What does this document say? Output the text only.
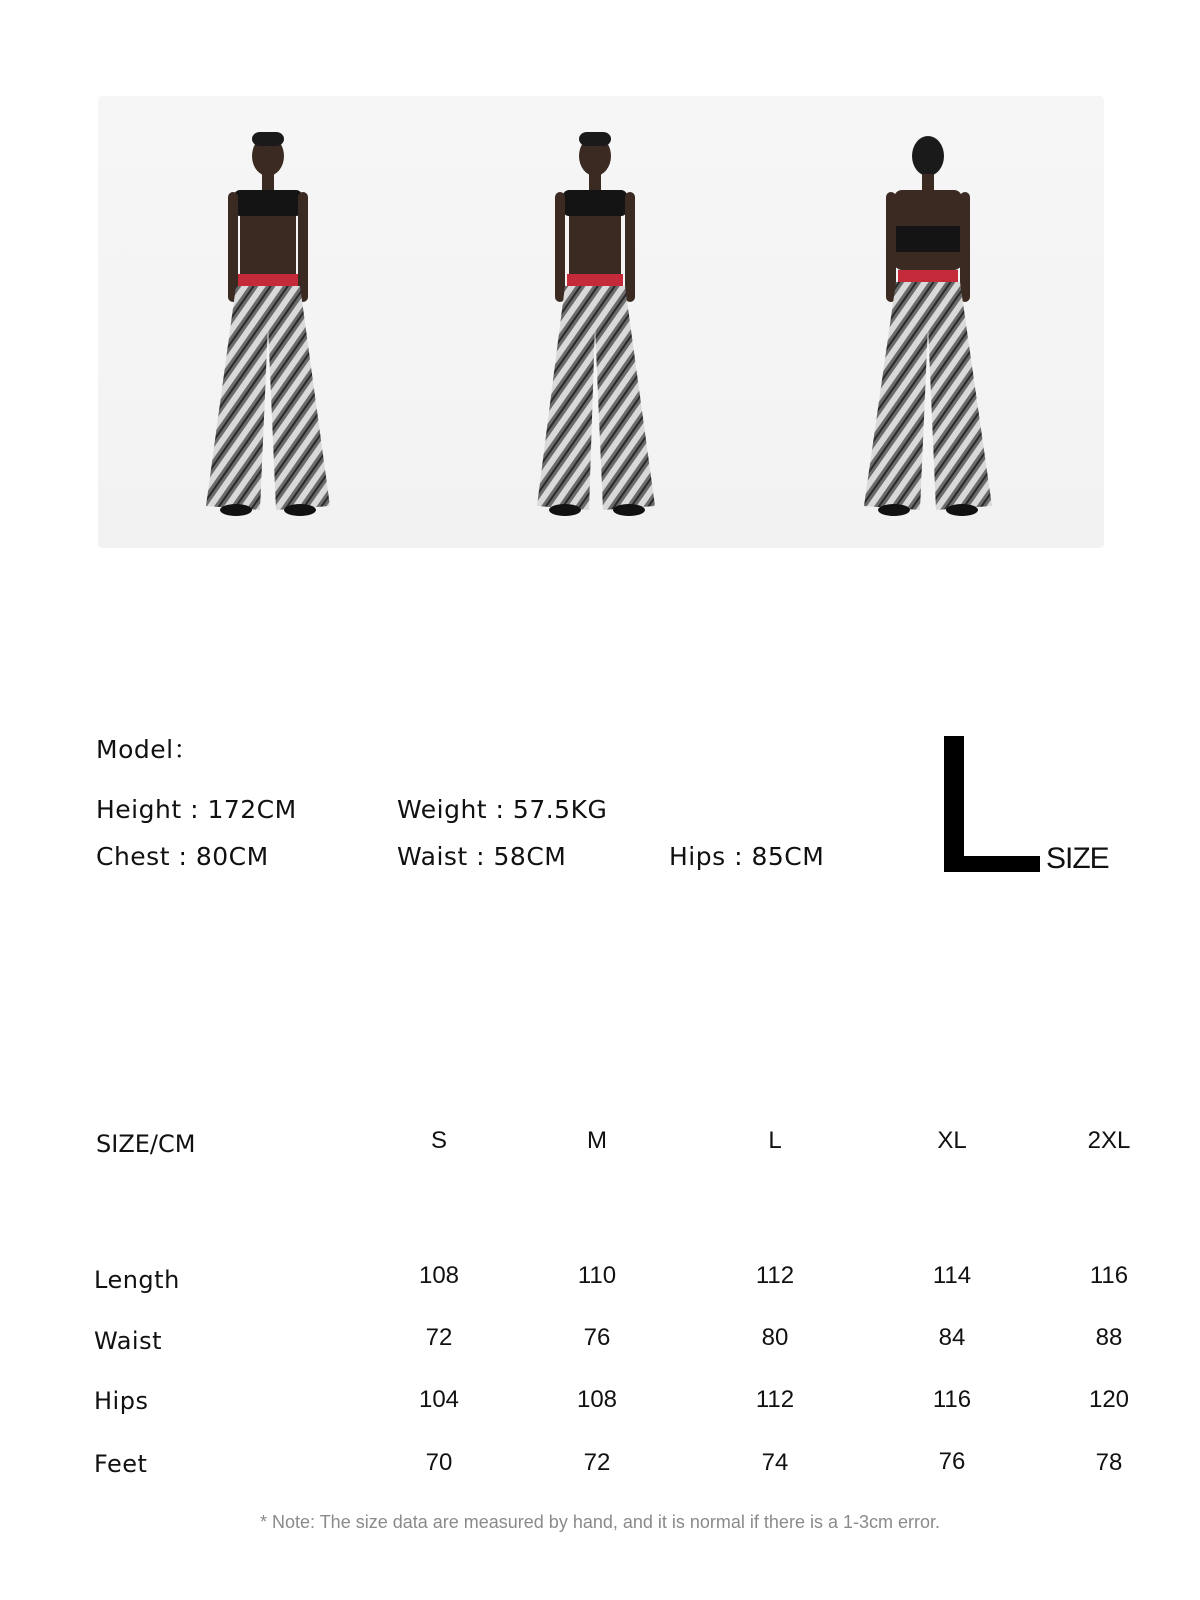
Model：
Height : 172CM	Weight : 57.5KG
Chest : 80CM	Waist : 58CM	Hips : 85CM	SIZE
SIZE/CM	S	M	L	XL	2XL
Length	108	110	112	114	116
Waist	72	76	80	84	88
Hips	104	108	112	116	120
Feet	70	72	74	76	78
* Note: The size data are measured by hand, and it is normal if there is a 1-3cm error.
